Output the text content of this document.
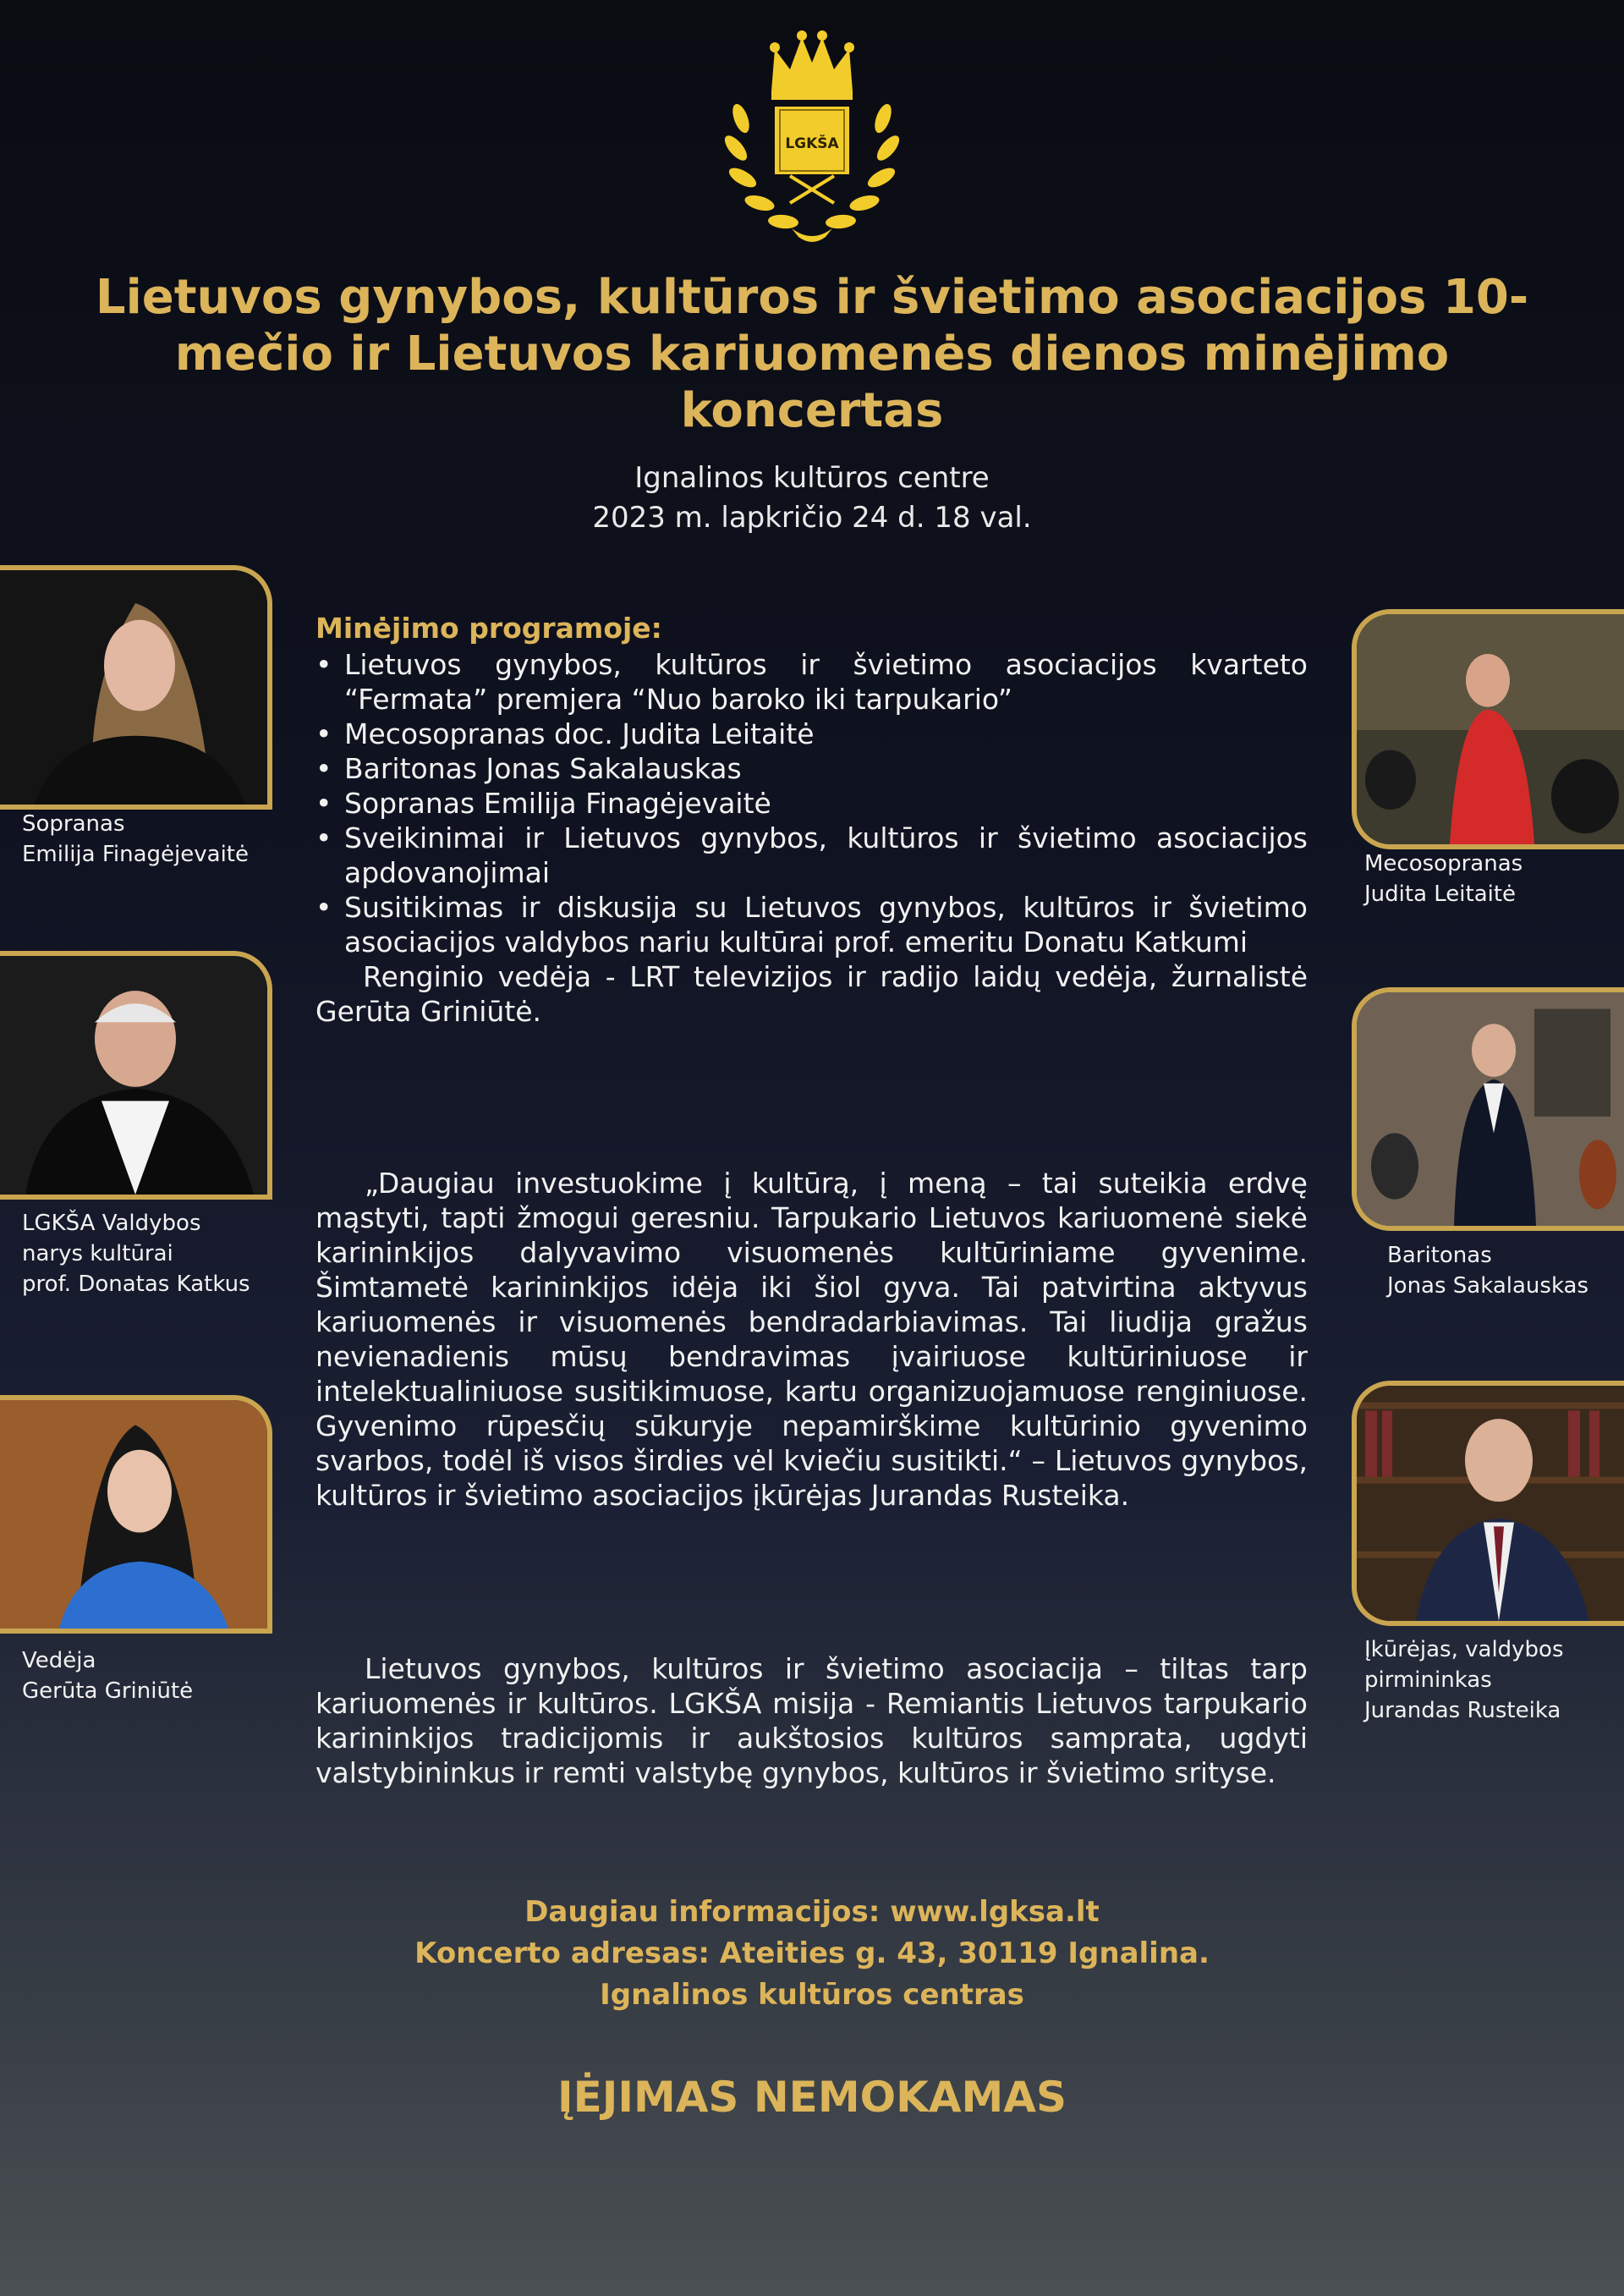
LGKŠA
Lietuvos gynybos, kultūros ir švietimo asociacijos 10-mečio ir Lietuvos kariuomenės dienos minėjimo koncertas
Ignalinos kultūros centre
2023 m. lapkričio 24 d. 18 val.
Sopranas
Emilija Finagėjevaitė
LGKŠA Valdybos
narys kultūrai
prof. Donatas Katkus
Vedėja
Gerūta Griniūtė
Mecosopranas
Judita Leitaitė
Baritonas
Jonas Sakalauskas
Įkūrėjas, valdybos
pirmininkas
Jurandas Rusteika
Minėjimo programoje:
• Lietuvos gynybos, kultūros ir švietimo asociacijos kvarteto “Fermata” premjera “Nuo baroko iki tarpukario”
• Mecosopranas doc. Judita Leitaitė
• Baritonas Jonas Sakalauskas
• Sopranas Emilija Finagėjevaitė
• Sveikinimai ir Lietuvos gynybos, kultūros ir švietimo asociacijos apdovanojimai
• Susitikimas ir diskusija su Lietuvos gynybos, kultūros ir švietimo asociacijos valdybos nariu kultūrai prof. emeritu Donatu Katkumi

Renginio vedėja - LRT televizijos ir radijo laidų vedėja, žurnalistė Gerūta Griniūtė.

„Daugiau investuokime į kultūrą, į meną – tai suteikia erdvę mąstyti, tapti žmogui geresniu. Tarpukario Lietuvos kariuomenė siekė karininkijos dalyvavimo visuomenės kultūriniame gyvenime. Šimtametė karininkijos idėja iki šiol gyva. Tai patvirtina aktyvus kariuomenės ir visuomenės bendradarbiavimas. Tai liudija gražus nevienadienis mūsų bendravimas įvairiuose kultūriniuose ir intelektualiniuose susitikimuose, kartu organizuojamuose renginiuose. Gyvenimo rūpesčių sūkuryje nepamirškime kultūrinio gyvenimo svarbos, todėl iš visos širdies vėl kviečiu susitikti.“ – Lietuvos gynybos, kultūros ir švietimo asociacijos įkūrėjas Jurandas Rusteika.

Lietuvos gynybos, kultūros ir švietimo asociacija – tiltas tarp kariuomenės ir kultūros. LGKŠA misija - Remiantis Lietuvos tarpukario karininkijos tradicijomis ir aukštosios kultūros samprata, ugdyti valstybininkus ir remti valstybę gynybos, kultūros ir švietimo srityse.

Daugiau informacijos: www.lgksa.lt
Koncerto adresas: Ateities g. 43, 30119 Ignalina.
Ignalinos kultūros centras
ĮĖJIMAS NEMOKAMAS
